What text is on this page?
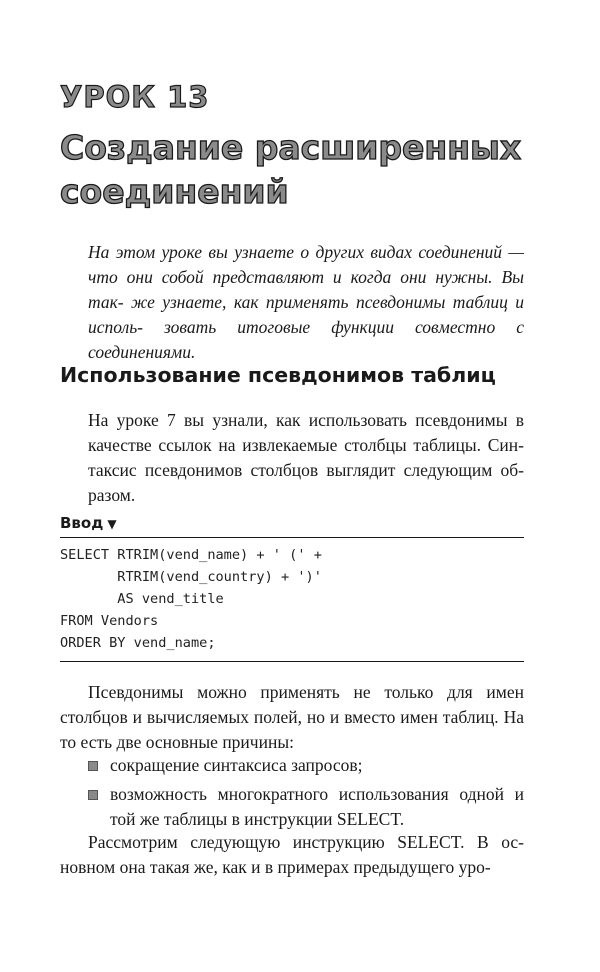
УРОК 13
Создание расширенных
соединений

На этом уроке вы узнаете о других видах соединений — что они собой представляют и когда они нужны. Вы так- же узнаете, как применять псевдонимы таблиц и исполь- зовать итоговые функции совместно с соединениями.

Использование псевдонимов таблиц

На уроке 7 вы узнали, как использовать псевдонимы в качестве ссылок на извлекаемые столбцы таблицы. Син- таксис псевдонимов столбцов выглядит следующим об- разом.

Ввод ▼
SELECT RTRIM(vend_name) + ' (' +
RTRIM(vend_country) + ')'
AS vend_title
FROM Vendors
ORDER BY vend_name;

Псевдонимы можно применять не только для имен столбцов и вычисляемых полей, но и вместо имен таблиц. На то есть две основные причины:

сокращение синтаксиса запросов;
возможность многократного использования одной и той же таблицы в инструкции SELECT.

Рассмотрим следующую инструкцию SELECT. В ос- новном она такая же, как и в примерах предыдущего уро-
